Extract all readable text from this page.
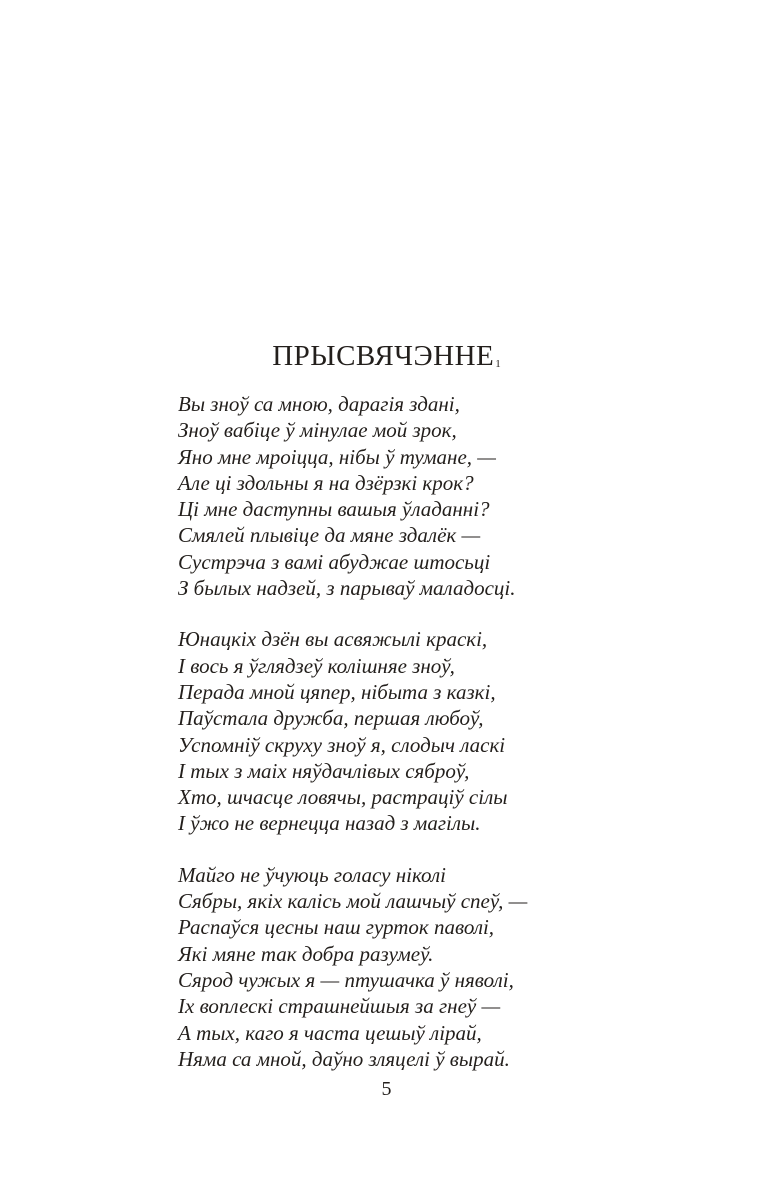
ПРЫСВЯЧЭННЕ$^1$
Вы зноў са мною, дарагія здані,
Зноў вабіце ў мінулае мой зрок,
Яно мне мроіцца, нібы ў тумане, —
Але ці здольны я на дзёрзкі крок?
Ці мне даступны вашыя ўладанні?
Смялей плывіце да мяне здалёк —
Сустрэча з вамі абуджае штосьці
З былых надзей, з парываў маладосці.
Юнацкіх дзён вы асвяжылі краскі,
І вось я ўглядзеў колішняе зноў,
Перада мной цяпер, нібыта з казкі,
Паўстала дружба, першая любоў,
Успомніў скруху зноў я, слодыч ласкі
І тых з маіх няўдачлівых сяброў,
Хто, шчасце ловячы, растраціў сілы
І ўжо не вернецца назад з магілы.
Майго не ўчуюць голасу ніколі
Сябры, якіх калісь мой лашчыў спеў, —
Распаўся цесны наш гурток паволі,
Які мяне так добра разумеў.
Сярод чужых я — птушачка ў няволі,
Іх воплескі страшнейшыя за гнеў —
А тых, каго я часта цешыў лірай,
Няма са мной, даўно зляцелі ў вырай.
5
